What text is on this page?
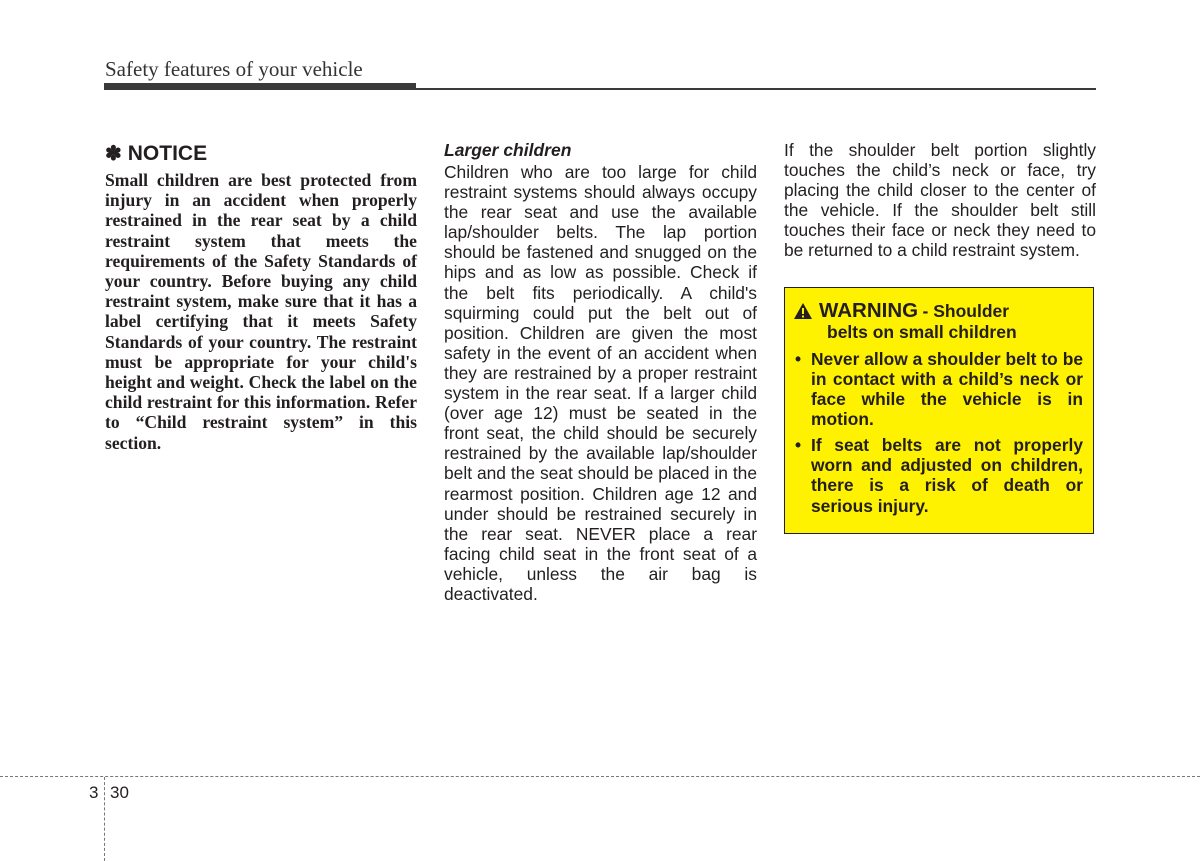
Safety features of your vehicle
✽ NOTICE

Small children are best protected from injury in an accident when properly restrained in the rear seat by a child restraint system that meets the requirements of the Safety Standards of your country. Before buying any child restraint system, make sure that it has a label certifying that it meets Safety Standards of your country. The restraint must be appropriate for your child's height and weight. Check the label on the child restraint for this information. Refer to “Child restraint system” in this section.

Larger children

Children who are too large for child restraint systems should always occupy the rear seat and use the available lap/shoulder belts. The lap portion should be fastened and snugged on the hips and as low as possible. Check if the belt fits periodically. A child's squirming could put the belt out of position. Children are given the most safety in the event of an accident when they are restrained by a proper restraint system in the rear seat. If a larger child (over age 12) must be seated in the front seat, the child should be securely restrained by the available lap/shoulder belt and the seat should be placed in the rearmost position. Children age 12 and under should be restrained securely in the rear seat. NEVER place a rear facing child seat in the front seat of a vehicle, unless the air bag is deactivated.

If the shoulder belt portion slightly touches the child’s neck or face, try placing the child closer to the center of the vehicle. If the shoulder belt still touches their face or neck they need to be returned to a child restraint system.

WARNING - Shoulder
belts on small children
• Never allow a shoulder belt to be in contact with a child’s neck or face while the vehicle is in motion.
• If seat belts are not properly worn and adjusted on children, there is a risk of death or serious injury.
3 30
